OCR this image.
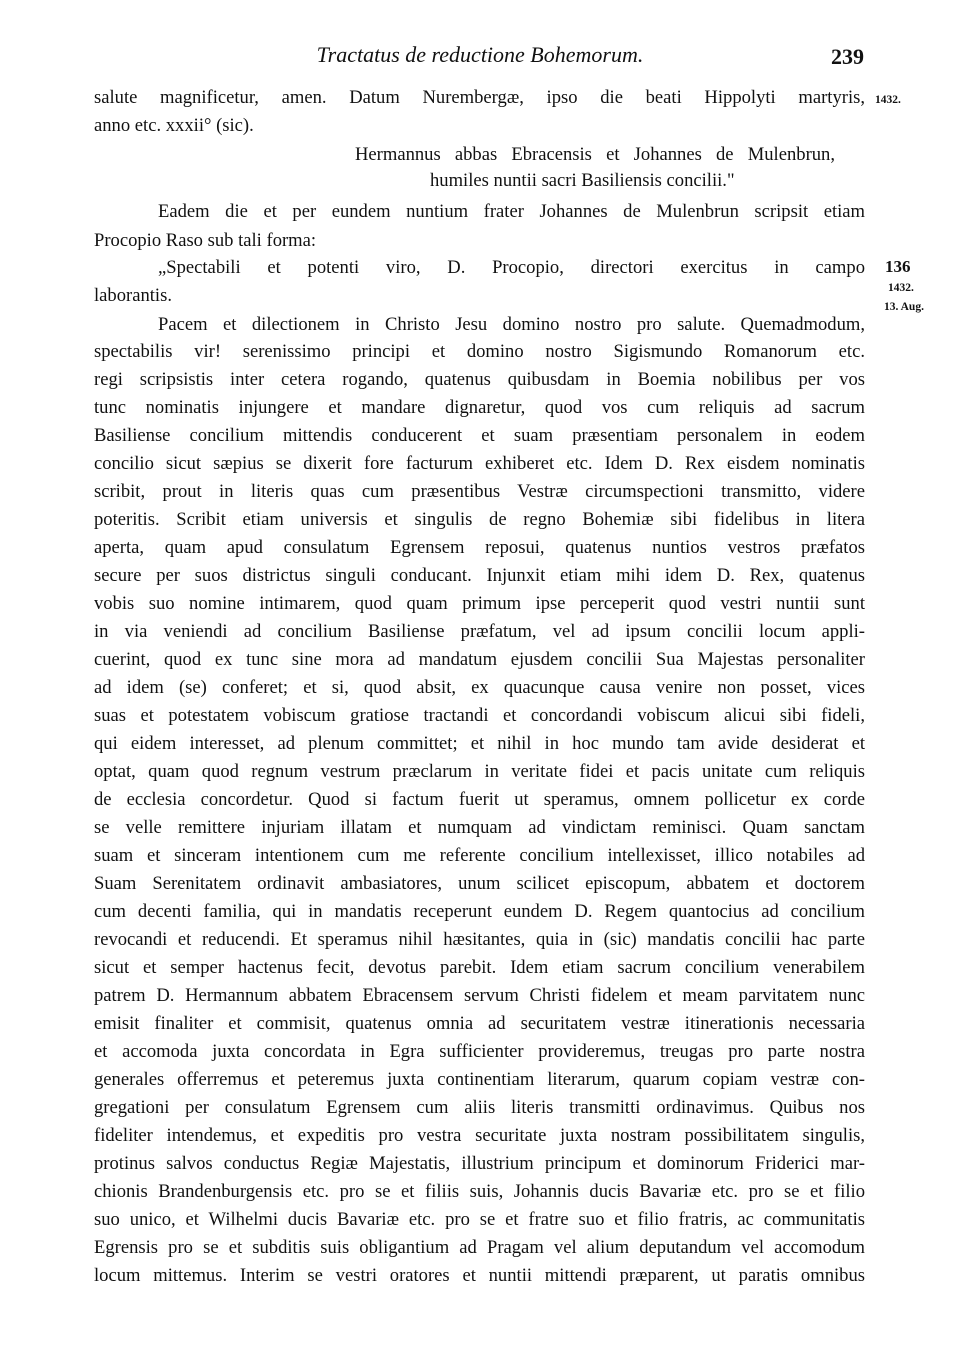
Tractatus de reductione Bohemorum.	239
1432.
136
1432.
13. Aug.
salute magnificetur, amen. Datum Nurembergæ, ipso die beati Hippolyti martyris,
anno etc. xxxii° (sic).
Hermannus abbas Ebracensis et Johannes de Mulenbrun,
humiles nuntii sacri Basiliensis concilii."
Eadem die et per eundem nuntium frater Johannes de Mulenbrun scripsit etiam
Procopio Raso sub tali forma:
„Spectabili et potenti viro, D. Procopio, directori exercitus in campo
laborantis.
Pacem et dilectionem in Christo Jesu domino nostro pro salute. Quemadmodum,
spectabilis vir! serenissimo principi et domino nostro Sigismundo Romanorum etc.
regi scripsistis inter cetera rogando, quatenus quibusdam in Boemia nobilibus per vos
tunc nominatis injungere et mandare dignaretur, quod vos cum reliquis ad sacrum
Basiliense concilium mittendis conducerent et suam præsentiam personalem in eodem
concilio sicut sæpius se dixerit fore facturum exhiberet etc. Idem D. Rex eisdem nominatis
scribit, prout in literis quas cum præsentibus Vestræ circumspectioni transmitto, videre
poteritis. Scribit etiam universis et singulis de regno Bohemiæ sibi fidelibus in litera
aperta, quam apud consulatum Egrensem reposui, quatenus nuntios vestros præfatos
secure per suos districtus singuli conducant. Injunxit etiam mihi idem D. Rex, quatenus
vobis suo nomine intimarem, quod quam primum ipse perceperit quod vestri nuntii sunt
in via veniendi ad concilium Basiliense præfatum, vel ad ipsum concilii locum appli-
cuerint, quod ex tunc sine mora ad mandatum ejusdem concilii Sua Majestas personaliter
ad idem (se) conferet; et si, quod absit, ex quacunque causa venire non posset, vices
suas et potestatem vobiscum gratiose tractandi et concordandi vobiscum alicui sibi fideli,
qui eidem interesset, ad plenum committet; et nihil in hoc mundo tam avide desiderat et
optat, quam quod regnum vestrum præclarum in veritate fidei et pacis unitate cum reliquis
de ecclesia concordetur. Quod si factum fuerit ut speramus, omnem pollicetur ex corde
se velle remittere injuriam illatam et numquam ad vindictam reminisci. Quam sanctam
suam et sinceram intentionem cum me referente concilium intellexisset, illico notabiles ad
Suam Serenitatem ordinavit ambasiatores, unum scilicet episcopum, abbatem et doctorem
cum decenti familia, qui in mandatis receperunt eundem D. Regem quantocius ad concilium
revocandi et reducendi. Et speramus nihil hæsitantes, quia in (sic) mandatis concilii hac parte
sicut et semper hactenus fecit, devotus parebit. Idem etiam sacrum concilium venerabilem
patrem D. Hermannum abbatem Ebracensem servum Christi fidelem et meam parvitatem nunc
emisit finaliter et commisit, quatenus omnia ad securitatem vestræ itinerationis necessaria
et accomoda juxta concordata in Egra sufficienter provideremus, treugas pro parte nostra
generales offerremus et peteremus juxta continentiam literarum, quarum copiam vestræ con-
gregationi per consulatum Egrensem cum aliis literis transmitti ordinavimus. Quibus nos
fideliter intendemus, et expeditis pro vestra securitate juxta nostram possibilitatem singulis,
protinus salvos conductus Regiæ Majestatis, illustrium principum et dominorum Friderici mar-
chionis Brandenburgensis etc. pro se et filiis suis, Johannis ducis Bavariæ etc. pro se et filio
suo unico, et Wilhelmi ducis Bavariæ etc. pro se et fratre suo et filio fratris, ac communitatis
Egrensis pro se et subditis suis obligantium ad Pragam vel alium deputandum vel accomodum
locum mittemus. Interim se vestri oratores et nuntii mittendi præparent, ut paratis omnibus
